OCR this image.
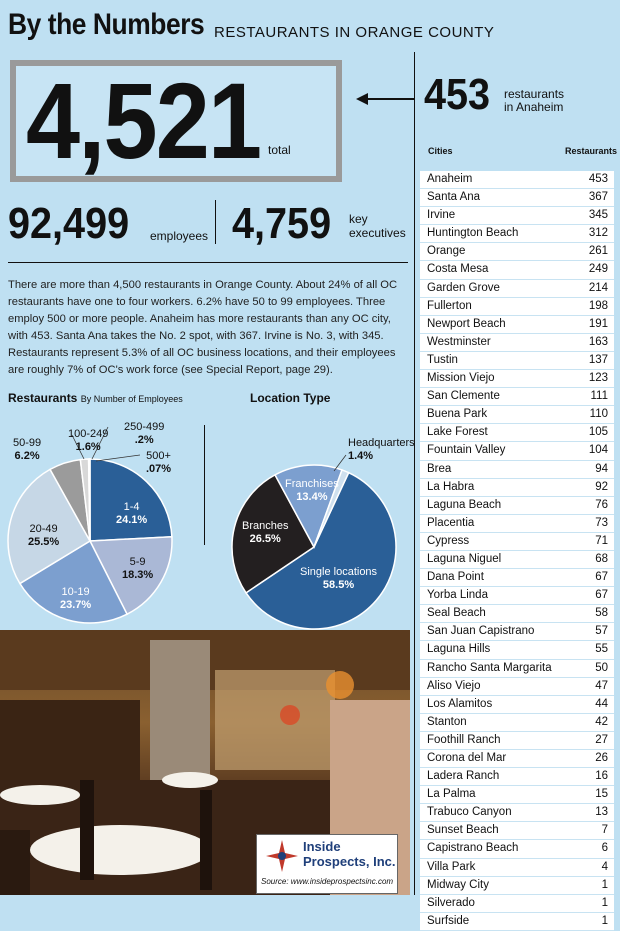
By the Numbers RESTAURANTS IN ORANGE COUNTY
4,521 total
92,499 employees 4,759 key
executives
There are more than 4,500 restaurants in Orange County. About 24% of all OC restaurants have one to four workers. 6.2% have 50 to 99 employees. Three employ 500 or more people. Anaheim has more restaurants than any OC city, with 453. Santa Ana takes the No. 2 spot, with 367. Irvine is No. 3, with 345. Restaurants represent 5.3% of all OC business locations, and their employees are roughly 7% of OC's work force (see Special Report, page 29).
Restaurants By Number of Employees	Location Type
1-4
24.1%
5-9
18.3%
10-19
23.7%
20-49
25.5%
50-99
6.2%
100-249
1.6%
250-499
.2%
500+
.07%
Single locations
58.5%
Branches
26.5%
Franchises
13.4%
Headquarters
1.4%
Inside
Prospects, Inc.
Source: www.insideprospectsinc.com
453 restaurants
in Anaheim
Cities	Restaurants
Anaheim	453
Santa Ana	367
Irvine	345
Huntington Beach	312
Orange	261
Costa Mesa	249
Garden Grove	214
Fullerton	198
Newport Beach	191
Westminster	163
Tustin	137
Mission Viejo	123
San Clemente	111
Buena Park	110
Lake Forest	105
Fountain Valley	104
Brea	94
La Habra	92
Laguna Beach	76
Placentia	73
Cypress	71
Laguna Niguel	68
Dana Point	67
Yorba Linda	67
Seal Beach	58
San Juan Capistrano	57
Laguna Hills	55
Rancho Santa Margarita	50
Aliso Viejo	47
Los Alamitos	44
Stanton	42
Foothill Ranch	27
Corona del Mar	26
Ladera Ranch	16
La Palma	15
Trabuco Canyon	13
Sunset Beach	7
Capistrano Beach	6
Villa Park	4
Midway City	1
Silverado	1
Surfside	1
